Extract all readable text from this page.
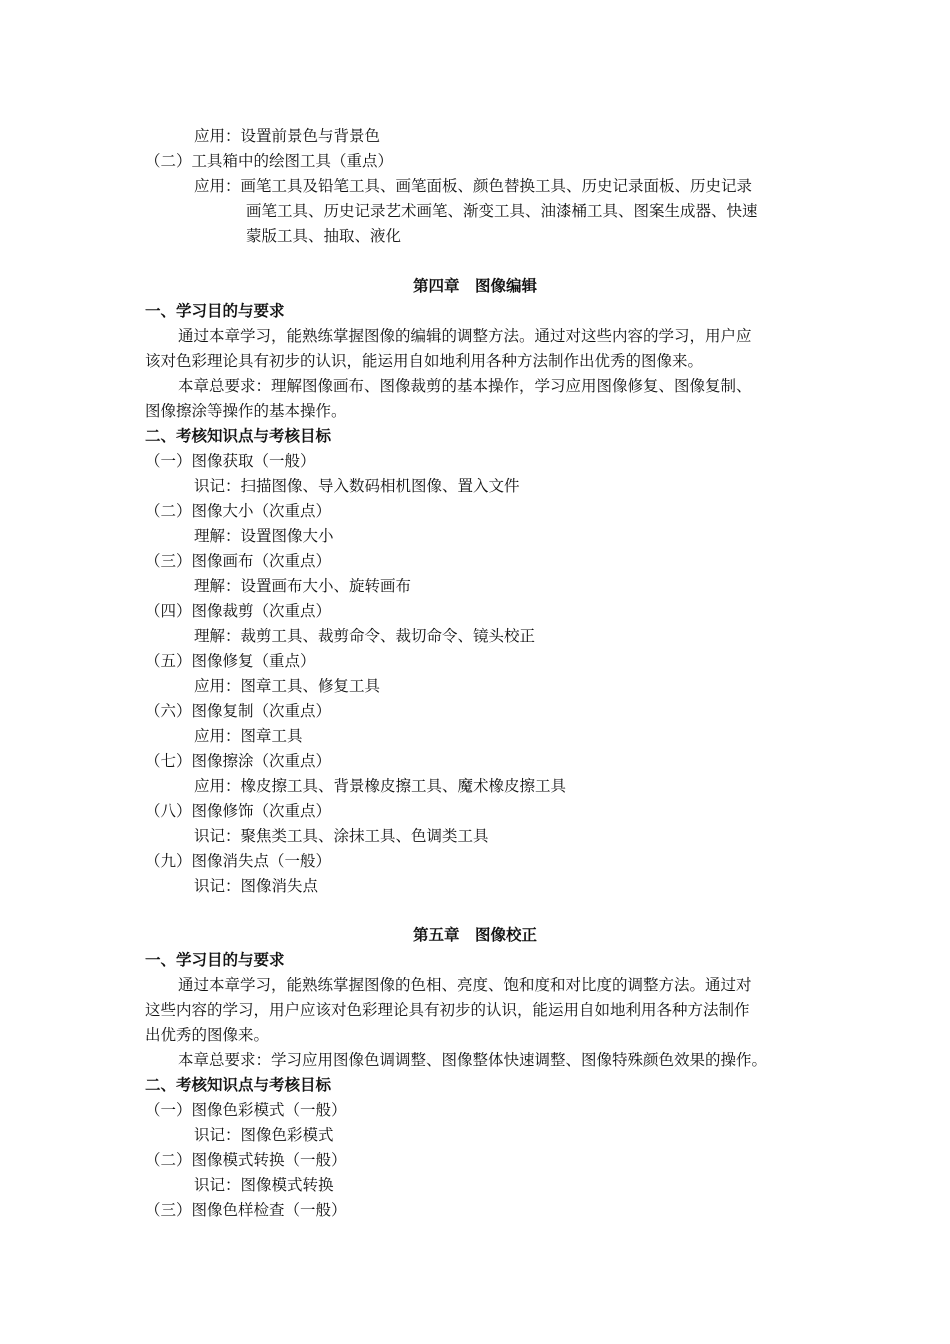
应用：设置前景色与背景色
（二）工具箱中的绘图工具（重点）
应用：画笔工具及铅笔工具、画笔面板、颜色替换工具、历史记录面板、历史记录
画笔工具、历史记录艺术画笔、渐变工具、油漆桶工具、图案生成器、快速
蒙版工具、抽取、液化
第四章　图像编辑
一、学习目的与要求
通过本章学习，能熟练掌握图像的编辑的调整方法。通过对这些内容的学习，用户应
该对色彩理论具有初步的认识，能运用自如地利用各种方法制作出优秀的图像来。
本章总要求：理解图像画布、图像裁剪的基本操作，学习应用图像修复、图像复制、
图像擦涂等操作的基本操作。
二、考核知识点与考核目标
（一）图像获取（一般）
识记：扫描图像、导入数码相机图像、置入文件
（二）图像大小（次重点）
理解：设置图像大小
（三）图像画布（次重点）
理解：设置画布大小、旋转画布
（四）图像裁剪（次重点）
理解：裁剪工具、裁剪命令、裁切命令、镜头校正
（五）图像修复（重点）
应用：图章工具、修复工具
（六）图像复制（次重点）
应用：图章工具
（七）图像擦涂（次重点）
应用：橡皮擦工具、背景橡皮擦工具、魔术橡皮擦工具
（八）图像修饰（次重点）
识记：聚焦类工具、涂抹工具、色调类工具
（九）图像消失点（一般）
识记：图像消失点
第五章　图像校正
一、学习目的与要求
通过本章学习，能熟练掌握图像的色相、亮度、饱和度和对比度的调整方法。通过对
这些内容的学习，用户应该对色彩理论具有初步的认识，能运用自如地利用各种方法制作
出优秀的图像来。
本章总要求：学习应用图像色调调整、图像整体快速调整、图像特殊颜色效果的操作。
二、考核知识点与考核目标
（一）图像色彩模式（一般）
识记：图像色彩模式
（二）图像模式转换（一般）
识记：图像模式转换
（三）图像色样检查（一般）
